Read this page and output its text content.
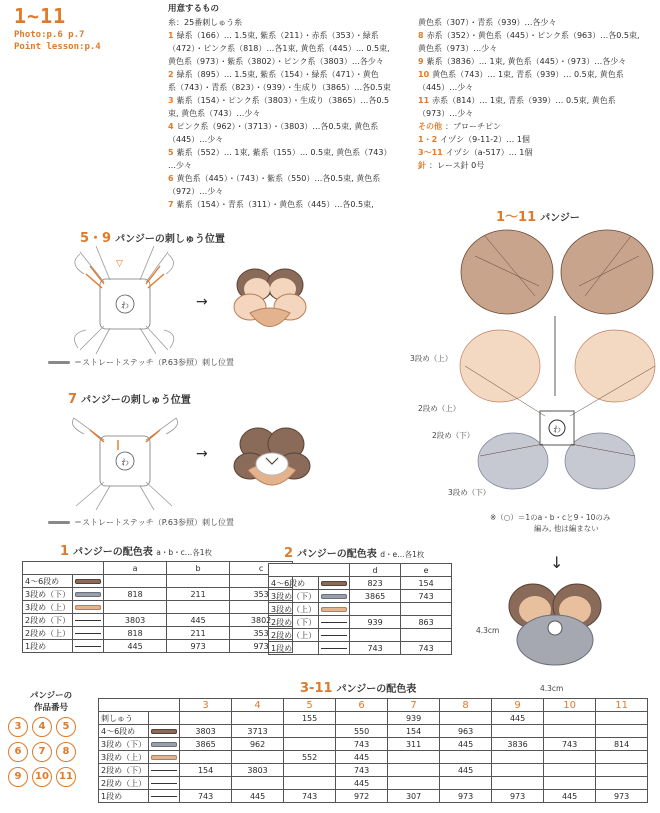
1~11
Photo:p.6 p.7
Point lesson:p.4
用意するもの
糸：25番刺しゅう糸
1 緑系（166）… 1.5束, 紫系（211）・赤系（353）・緑系
（472）・ピンク系（818）…各1束, 黄色系（445）… 0.5束,
黄色系（973）・紫系（3802）・ピンク系（3803）…各少々
2 緑系（895）… 1.5束, 紫系（154）・緑系（471）・黄色
系（743）・青系（823）・（939）・生成り（3865）…各0.5束
3 紫系（154）・ピンク系（3803）・生成り（3865）…各0.5
束, 黄色系（743）…少々
4 ピンク系（962）・（3713）・（3803）…各0.5束, 黄色系
（445）…少々
5 紫系（552）… 1束, 紫系（155）… 0.5束, 黄色系（743）
…少々
6 黄色系（445）・（743）・紫系（550）…各0.5束, 黄色系
（972）…少々
7 紫系（154）・青系（311）・黄色系（445）…各0.5束,
黄色系（307）・青系（939）…各少々
8 赤系（352）・黄色系（445）・ピンク系（963）…各0.5束,
黄色系（973）…少々
9 紫系（3836）… 1束, 黄色系（445）・（973）…各少々
10 黄色系（743）… 1束, 青系（939）… 0.5束, 黄色系
（445）…少々
11 赤系（814）… 1束, 青系（939）… 0.5束, 黄色系
（973）…少々
その他 ：ブローチピン
1・2 イヅシ（9-11-2）… 1個
3～11 イヅシ（a-517）… 1個
針 ：レース針 0号
5・9 パンジーの刺しゅう位置
わ
▽
→
＝ストレートステッチ（P.63参照）刺し位置
7 パンジーの刺しゅう位置
わ
→
＝ストレートステッチ（P.63参照）刺し位置
1～11 パンジー
わ
3段め（上）
2段め（上）
2段め（下）
3段め（下）
※（○）＝1のa・b・cと9・10のみ
編み, 他は編まない
↓
4.3cm
4.3cm
1 パンジーの配色表 a・b・c…各1枚
		a	b	c
4～6段め				
3段め（下）		818	211	353
3段め（上）				
2段め（下）		3803	445	3802
2段め（上）		818	211	353
1段め		445	973	973
2 パンジーの配色表 d・e…各1枚
		d	e
4～6段め		823	154
3段め（下）		3865	743
3段め（上）			
2段め（下）		939	863
2段め（上）			
1段め		743	743
パンジーの
作品番号
3 4 56 7 89 10 11
3‐11 パンジーの配色表
		3	4	5	6	7	8	9	10	11
刺しゅう				155		939		445		
4～6段め		3803	3713		550	154	963			
3段め（下）		3865	962		743	311	445	3836	743	814
3段め（上）				552	445					
2段め（下）		154	3803		743		445			
2段め（上）					445					
1段め		743	445	743	972	307	973	973	445	973
